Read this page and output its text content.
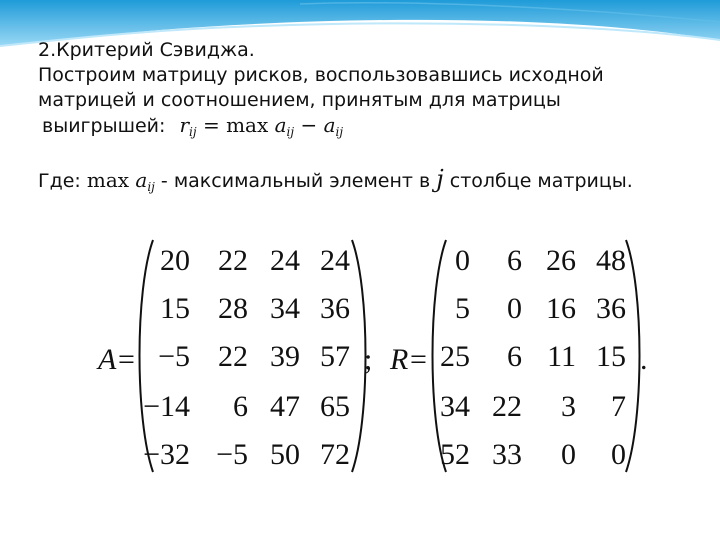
2.Критерий Сэвиджа.
Построим матрицу рисков, воспользовавшись исходной
матрицей и соотношением, принятым для матрицы
выигрышей: $r_{ij} = \max a_{ij} - a_{ij}$
Где: $\max a_{ij}$ - максимальный элемент в j столбце матрицы.
A =
20 22 24 24
15 28 34 36
−5 22 39 57
−14 6 47 65
−32 −5 50 72
; R =
0 6 26 48
5 0 16 36
25 6 11 15
34 22 3 7
52 33 0 0
.
